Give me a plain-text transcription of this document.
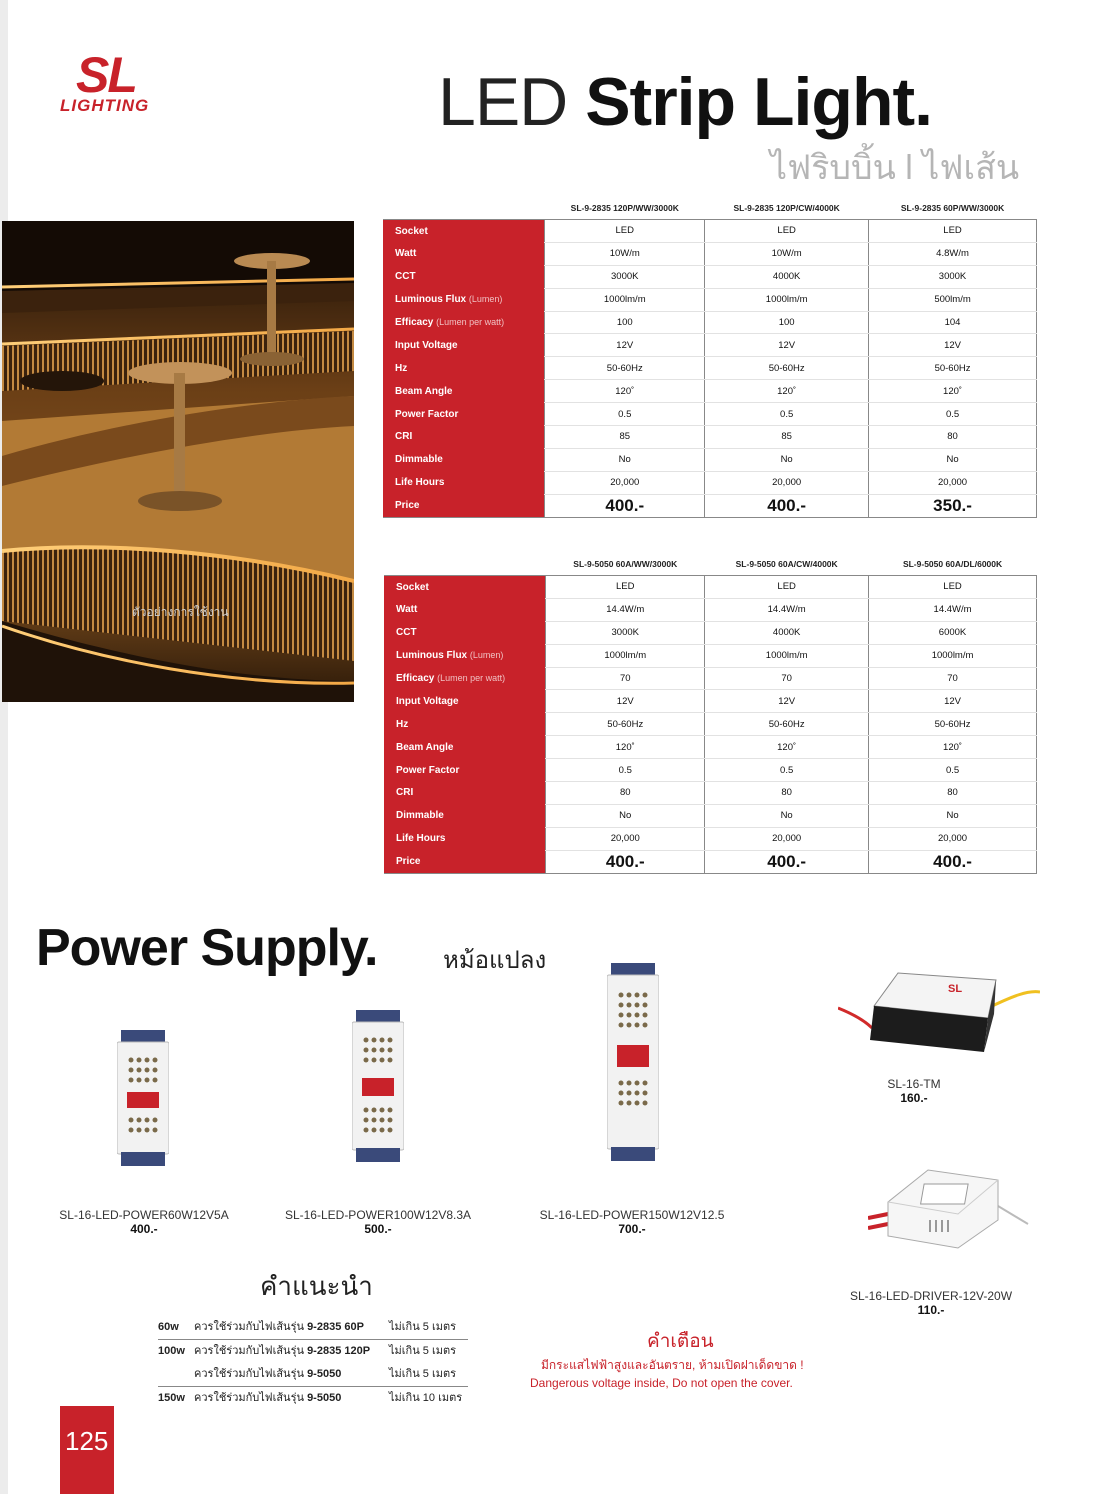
SL
LIGHTING	LED Strip Light.
ไฟริบบิ้น l ไฟเส้น
ตัวอย่างการใช้งาน
	SL-9-2835 120P/WW/3000K	SL-9-2835 120P/CW/4000K	SL-9-2835 60P/WW/3000K
Socket	LED	LED	LED
Watt	10W/m	10W/m	4.8W/m
CCT	3000K	4000K	3000K
Luminous Flux (Lumen)	1000lm/m	1000lm/m	500lm/m
Efficacy (Lumen per watt)	100	100	104
Input Voltage	12V	12V	12V
Hz	50-60Hz	50-60Hz	50-60Hz
Beam Angle	120˚	120˚	120˚
Power Factor	0.5	0.5	0.5
CRI	85	85	80
Dimmable	No	No	No
Life Hours	20,000	20,000	20,000
Price	400.-	400.-	350.-
	SL-9-5050 60A/WW/3000K	SL-9-5050 60A/CW/4000K	SL-9-5050 60A/DL/6000K
Socket	LED	LED	LED
Watt	14.4W/m	14.4W/m	14.4W/m
CCT	3000K	4000K	6000K
Luminous Flux (Lumen)	1000lm/m	1000lm/m	1000lm/m
Efficacy (Lumen per watt)	70	70	70
Input Voltage	12V	12V	12V
Hz	50-60Hz	50-60Hz	50-60Hz
Beam Angle	120˚	120˚	120˚
Power Factor	0.5	0.5	0.5
CRI	80	80	80
Dimmable	No	No	No
Life Hours	20,000	20,000	20,000
Price	400.-	400.-	400.-
Power Supply.	หม้อแปลง
SL
SL-16-LED-POWER60W12V5A
400.-
SL-16-LED-POWER100W12V8.3A
500.-
SL-16-LED-POWER150W12V12.5
700.-
SL-16-TM
160.-
SL-16-LED-DRIVER-12V-20W
110.-
คำแนะนำ
60w ควรใช้ร่วมกับไฟเส้นรุ่น 9-2835 60P ไม่เกิน 5 เมตร
100w ควรใช้ร่วมกับไฟเส้นรุ่น 9-2835 120P ไม่เกิน 5 เมตร
ควรใช้ร่วมกับไฟเส้นรุ่น 9-5050	ไม่เกิน 5 เมตร
150w ควรใช้ร่วมกับไฟเส้นรุ่น 9-5050	ไม่เกิน 10 เมตร
คำเตือน
มีกระแสไฟฟ้าสูงและอันตราย, ห้ามเปิดฝาเด็ดขาด !
Dangerous voltage inside, Do not open the cover.
125
